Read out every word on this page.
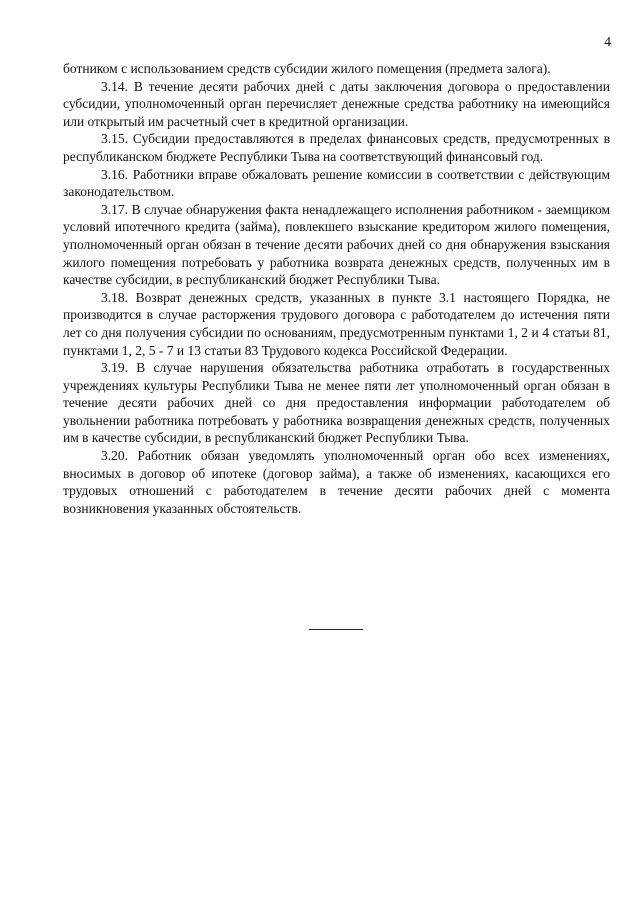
4

ботником с использованием средств субсидии жилого помещения (предмета залога).

3.14. В течение десяти рабочих дней с даты заключения договора о предоставлении субсидии, уполномоченный орган перечисляет денежные средства работнику на имеющийся или открытый им расчетный счет в кредитной организации.

3.15. Субсидии предоставляются в пределах финансовых средств, предусмотренных в республиканском бюджете Республики Тыва на соответствующий финансовый год.

3.16. Работники вправе обжаловать решение комиссии в соответствии с действующим законодательством.

3.17. В случае обнаружения факта ненадлежащего исполнения работником - заемщиком условий ипотечного кредита (займа), повлекшего взыскание кредитором жилого помещения, уполномоченный орган обязан в течение десяти рабочих дней со дня обнаружения взыскания жилого помещения потребовать у работника возврата денежных средств, полученных им в качестве субсидии, в республиканский бюджет Республики Тыва.

3.18. Возврат денежных средств, указанных в пункте 3.1 настоящего Порядка, не производится в случае расторжения трудового договора с работодателем до истечения пяти лет со дня получения субсидии по основаниям, предусмотренным пунктами 1, 2 и 4 статьи 81, пунктами 1, 2, 5 - 7 и 13 статьи 83 Трудового кодекса Российской Федерации.

3.19. В случае нарушения обязательства работника отработать в государственных учреждениях культуры Республики Тыва не менее пяти лет уполномоченный орган обязан в течение десяти рабочих дней со дня предоставления информации работодателем об увольнении работника потребовать у работника возвращения денежных средств, полученных им в качестве субсидии, в республиканский бюджет Республики Тыва.

3.20. Работник обязан уведомлять уполномоченный орган обо всех изменениях, вносимых в договор об ипотеке (договор займа), а также об изменениях, касающихся его трудовых отношений с работодателем в течение десяти рабочих дней с момента возникновения указанных обстоятельств.
